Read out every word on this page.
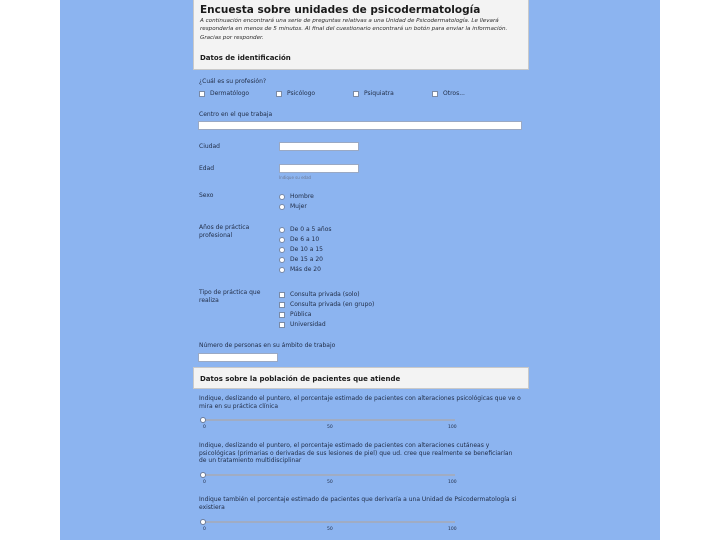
Encuesta sobre unidades de psicodermatología
A continuación encontrará una serie de preguntas relativas a una Unidad de Psicodermatología. Le llevará responderla en menos de 5 minutos. Al final del cuestionario encontrará un botón para enviar la información. Gracias por responder.
Datos de identificación
¿Cuál es su profesión?
Dermatólogo	Psicólogo	Psiquiatra	Otros...
Centro en el que trabaja
Ciudad
Edad
Indique su edad
Sexo	Hombre
Mujer
Años de práctica profesional
De 0 a 5 años
De 6 a 10
De 10 a 15
De 15 a 20
Más de 20
Tipo de práctica que realiza
Consulta privada (solo)
Consulta privada (en grupo)
Pública
Universidad
Número de personas en su ámbito de trabajo
Datos sobre la población de pacientes que atiende
Indique, deslizando el puntero, el porcentaje estimado de pacientes con alteraciones psicológicas que ve o mira en su práctica clínica
0	50	100
Indique, deslizando el puntero, el porcentaje estimado de pacientes con alteraciones cutáneas y psicológicas (primarias o derivadas de sus lesiones de piel) que ud. cree que realmente se beneficiarían de un tratamiento multidisciplinar
0	50	100
Indique también el porcentaje estimado de pacientes que derivaría a una Unidad de Psicodermatología si existiera
0	50	100
